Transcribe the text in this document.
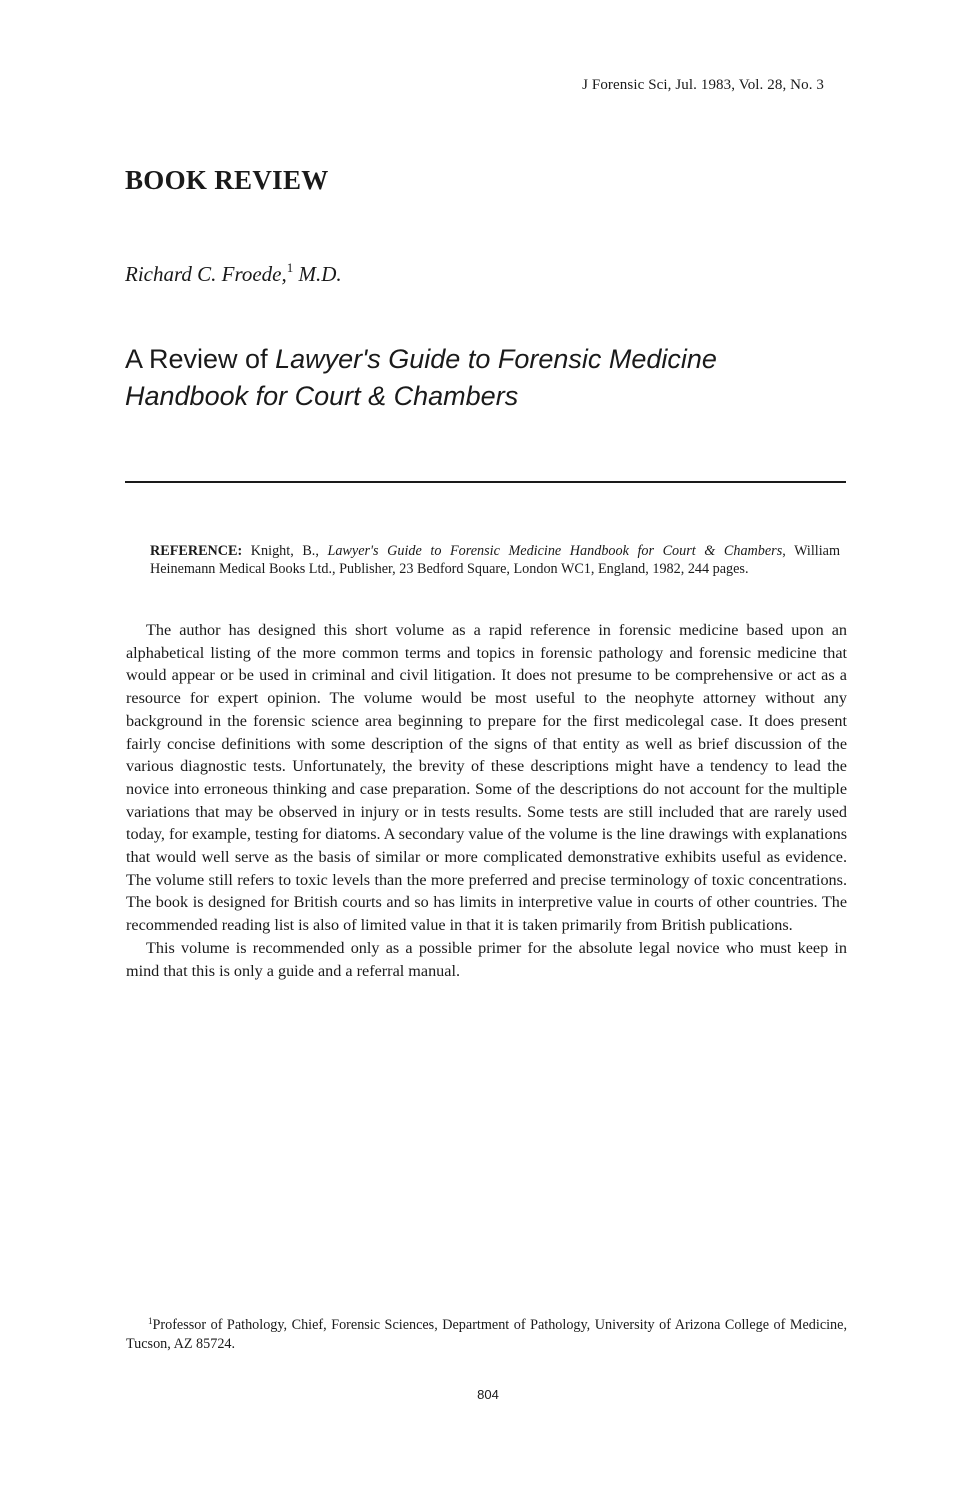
J Forensic Sci, Jul. 1983, Vol. 28, No. 3
BOOK REVIEW
Richard C. Froede,$^1$ M.D.
A Review of Lawyer's Guide to Forensic Medicine
Handbook for Court & Chambers
REFERENCE: Knight, B., Lawyer's Guide to Forensic Medicine Handbook for Court & Chambers, William Heinemann Medical Books Ltd., Publisher, 23 Bedford Square, London WC1, England, 1982, 244 pages.

The author has designed this short volume as a rapid reference in forensic medicine based upon an alphabetical listing of the more common terms and topics in forensic pathology and forensic medicine that would appear or be used in criminal and civil litigation. It does not presume to be comprehensive or act as a resource for expert opinion. The volume would be most useful to the neophyte attorney without any background in the forensic science area beginning to prepare for the first medicolegal case. It does present fairly concise definitions with some description of the signs of that entity as well as brief discussion of the various diagnostic tests. Unfortunately, the brevity of these descriptions might have a tendency to lead the novice into erroneous thinking and case preparation. Some of the descriptions do not account for the multiple variations that may be observed in injury or in tests results. Some tests are still included that are rarely used today, for example, testing for diatoms. A secondary value of the volume is the line drawings with explanations that would well serve as the basis of similar or more complicated demonstrative exhibits useful as evidence. The volume still refers to toxic levels than the more preferred and precise terminology of toxic concentrations. The book is designed for British courts and so has limits in interpretive value in courts of other countries. The recommended reading list is also of limited value in that it is taken primarily from British publications.

This volume is recommended only as a possible primer for the absolute legal novice who must keep in mind that this is only a guide and a referral manual.

$^1$Professor of Pathology, Chief, Forensic Sciences, Department of Pathology, University of Arizona College of Medicine, Tucson, AZ 85724.

804
